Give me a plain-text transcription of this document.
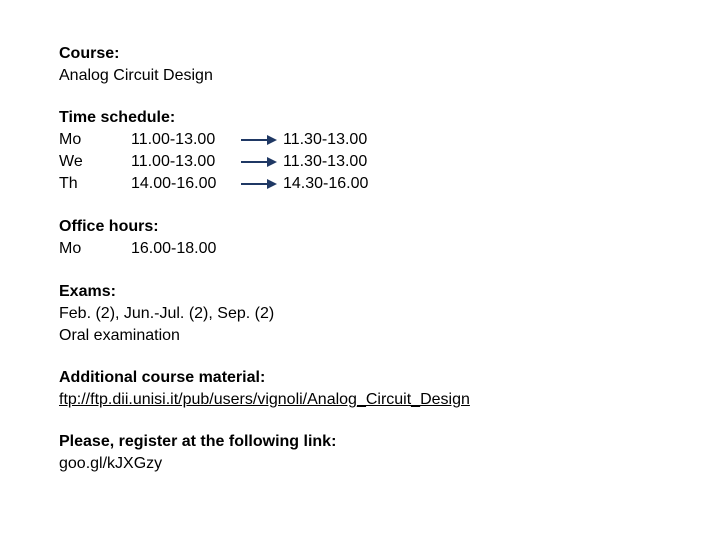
Course:
Analog Circuit Design
Time schedule:
Mo	11.00-13.00	11.30-13.00
We	11.00-13.00	11.30-13.00
Th	14.00-16.00	14.30-16.00
Office hours:
Mo	16.00-18.00
Exams:
Feb. (2), Jun.-Jul. (2), Sep. (2)
Oral examination
Additional course material:
ftp://ftp.dii.unisi.it/pub/users/vignoli/Analog_Circuit_Design
Please, register at the following link:
goo.gl/kJXGzy
